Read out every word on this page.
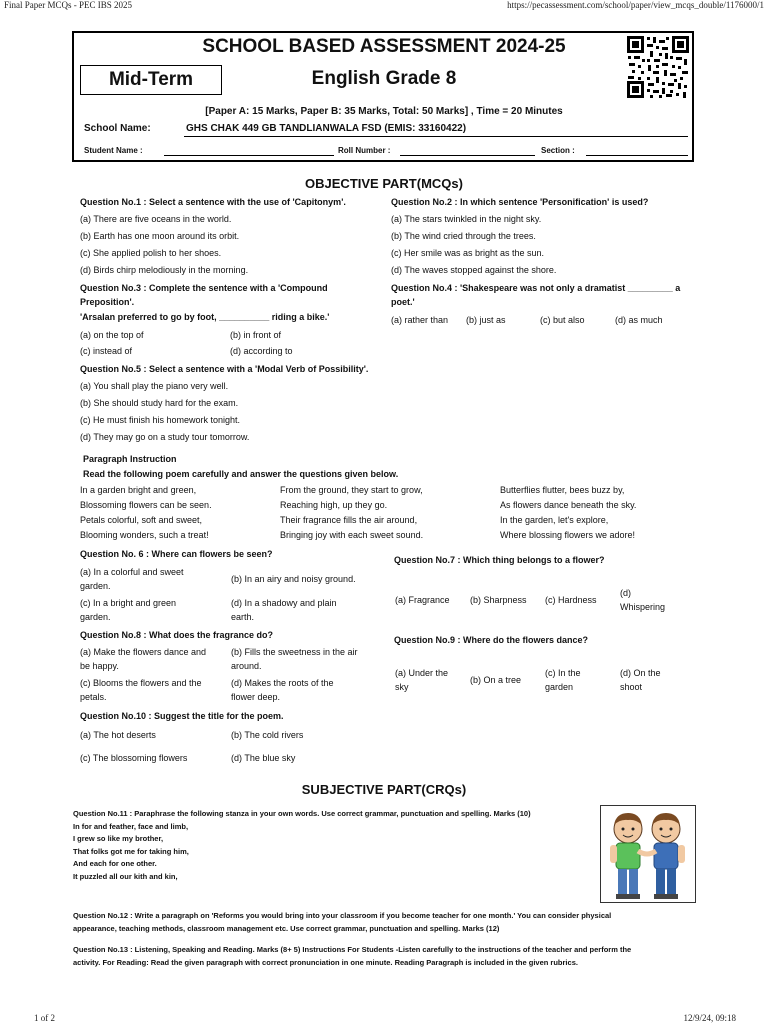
Final Paper MCQs - PEC IBS 2025	https://pecassessment.com/school/paper/view_mcqs_double/1176000/1
SCHOOL BASED ASSESSMENT 2024-25
English Grade 8
Mid-Term
[Paper A: 15 Marks, Paper B: 35 Marks, Total: 50 Marks] , Time = 20 Minutes
School Name:	GHS CHAK 449 GB TANDLIANWALA FSD (EMIS: 33160422)
Student Name :	Roll Number :	Section :
OBJECTIVE PART(MCQs)
Question No.1 : Select a sentence with the use of 'Capitonym'.
(a) There are five oceans in the world.
(b) Earth has one moon around its orbit.
(c) She applied polish to her shoes.
(d) Birds chirp melodiously in the morning.
Question No.2 : In which sentence 'Personification' is used?
(a) The stars twinkled in the night sky.
(b) The wind cried through the trees.
(c) Her smile was as bright as the sun.
(d) The waves stopped against the shore.
Question No.3 : Complete the sentence with a 'Compound
Preposition'.
'Arsalan preferred to go by foot, __________ riding a bike.'
(a) on the top of	(b) in front of
(c) instead of	(d) according to
Question No.4 : 'Shakespeare was not only a dramatist _________ a
poet.'
(a) rather than (b) just as	(c) but also	(d) as much
Question No.5 : Select a sentence with a 'Modal Verb of Possibility'.
(a) You shall play the piano very well.
(b) She should study hard for the exam.
(c) He must finish his homework tonight.
(d) They may go on a study tour tomorrow.
Paragraph Instruction
Read the following poem carefully and answer the questions given below.
In a garden bright and green,
Blossoming flowers can be seen.
Petals colorful, soft and sweet,
Blooming wonders, such a treat!
From the ground, they start to grow,
Reaching high, up they go.
Their fragrance fills the air around,
Bringing joy with each sweet sound.
Butterflies flutter, bees buzz by,
As flowers dance beneath the sky.
In the garden, let's explore,
Where blossing flowers we adore!
Question No. 6 : Where can flowers be seen?
(a) In a colorful and sweet
garden.
(b) In an airy and noisy ground.
(c) In a bright and green
garden.
(d) In a shadowy and plain
earth.
Question No.7 : Which thing belongs to a flower?
(a) Fragrance (b) Sharpness (c) Hardness
(d)
Whispering
Question No.8 : What does the fragrance do?
(a) Make the flowers dance and
be happy.
(b) Fills the sweetness in the air
around.
(c) Blooms the flowers and the
petals.
(d) Makes the roots of the
flower deep.
Question No.9 : Where do the flowers dance?
(a) Under the
sky
(b) On a tree
(c) In the
garden
(d) On the
shoot
Question No.10 : Suggest the title for the poem.
(a) The hot deserts	(b) The cold rivers
(c) The blossoming flowers	(d) The blue sky
SUBJECTIVE PART(CRQs)
Question No.11 : Paraphrase the following stanza in your own words. Use correct grammar, punctuation and spelling. Marks (10)
In for and feather, face and limb,
I grew so like my brother,
That folks got me for taking him,
And each for one other.
It puzzled all our kith and kin,
Question No.12 : Write a paragraph on 'Reforms you would bring into your classroom if you become teacher for one month.' You can consider physical
appearance, teaching methods, classroom management etc. Use correct grammar, punctuation and spelling. Marks (12)
Question No.13 : Listening, Speaking and Reading. Marks (8+ 5) Instructions For Students -Listen carefully to the instructions of the teacher and perform the
activity. For Reading: Read the given paragraph with correct pronunciation in one minute. Reading Paragraph is included in the given rubrics.
1 of 2	12/9/24, 09:18
